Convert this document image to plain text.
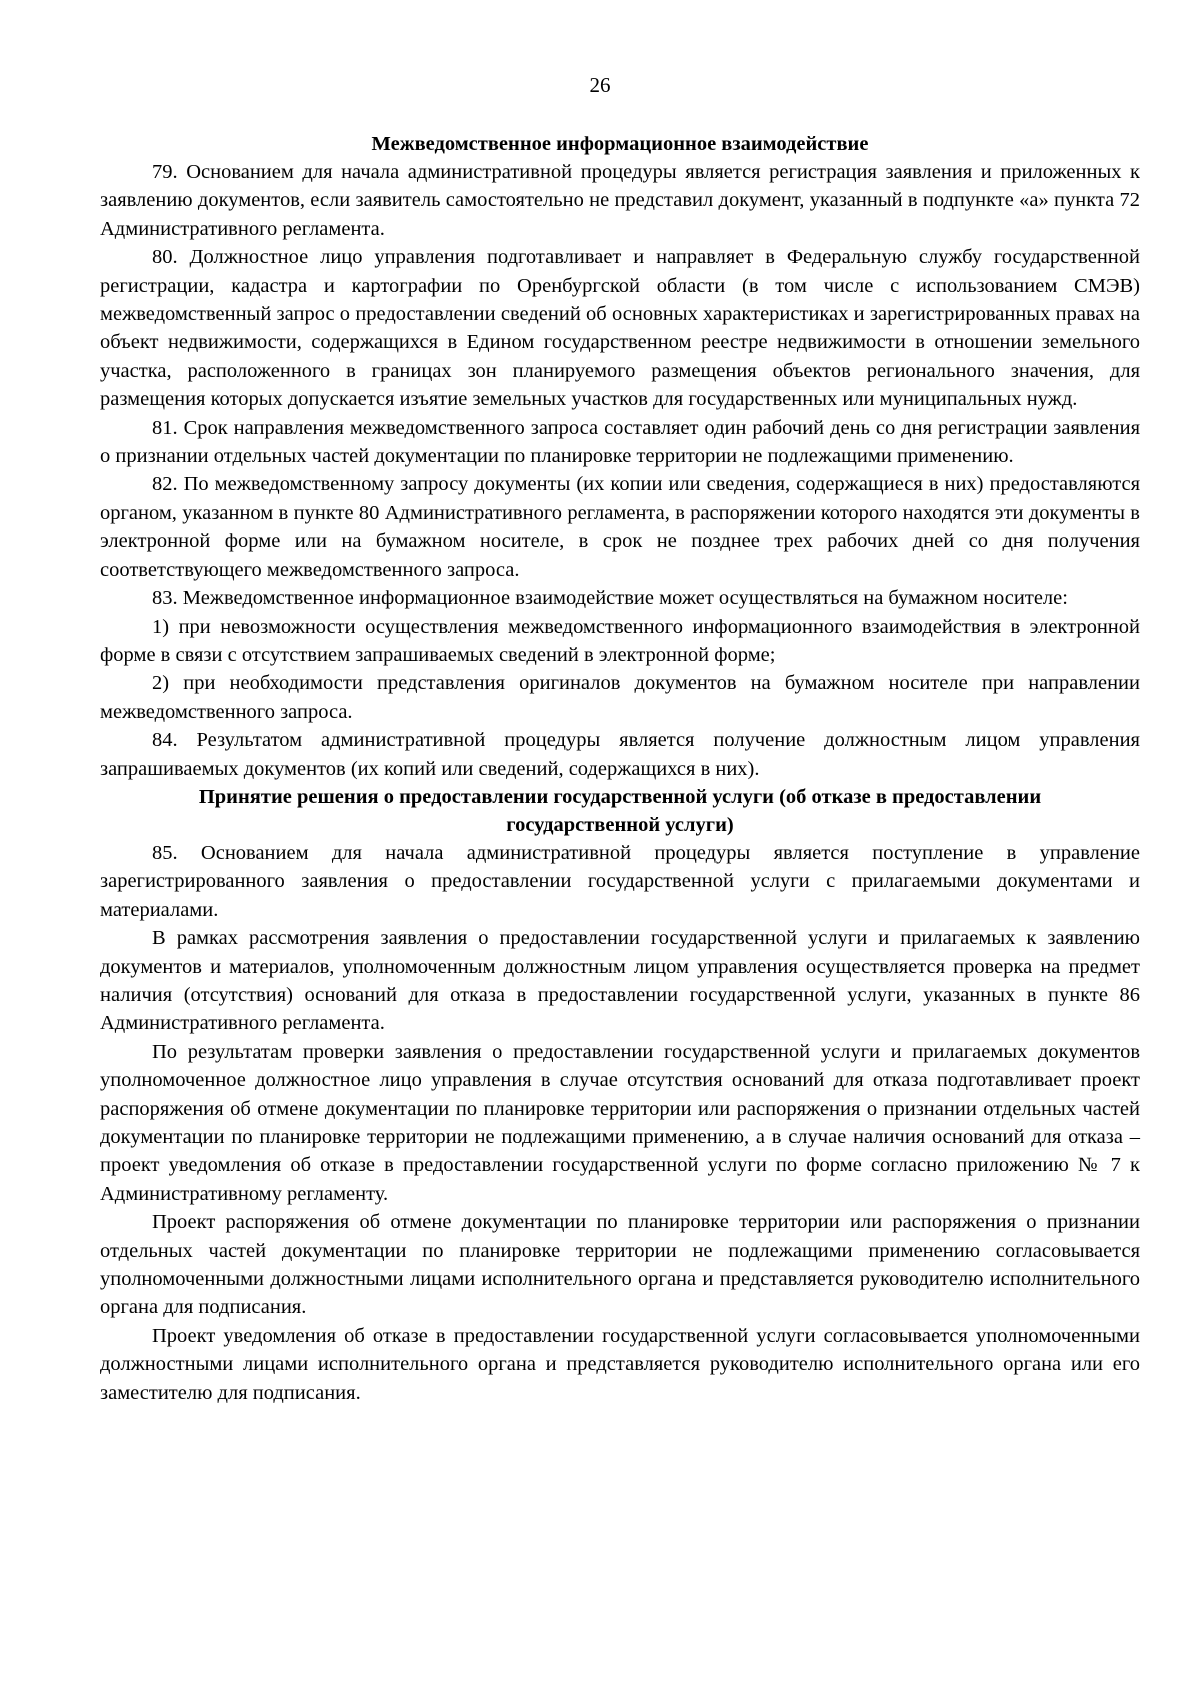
26
Межведомственное информационное взаимодействие

79. Основанием для начала административной процедуры является регистрация заявления и приложенных к заявлению документов, если заявитель самостоятельно не представил документ, указанный в подпункте «а» пункта 72 Административного регламента.

80. Должностное лицо управления подготавливает и направляет в Федеральную службу государственной регистрации, кадастра и картографии по Оренбургской области (в том числе с использованием СМЭВ) межведомственный запрос о предоставлении сведений об основных характеристиках и зарегистрированных правах на объект недвижимости, содержащихся в Едином государственном реестре недвижимости в отношении земельного участка, расположенного в границах зон планируемого размещения объектов регионального значения, для размещения которых допускается изъятие земельных участков для государственных или муниципальных нужд.

81. Срок направления межведомственного запроса составляет один рабочий день со дня регистрации заявления о признании отдельных частей документации по планировке территории не подлежащими применению.

82. По межведомственному запросу документы (их копии или сведения, содержащиеся в них) предоставляются органом, указанном в пункте 80 Административного регламента, в распоряжении которого находятся эти документы в электронной форме или на бумажном носителе, в срок не позднее трех рабочих дней со дня получения соответствующего межведомственного запроса.

83. Межведомственное информационное взаимодействие может осуществляться на бумажном носителе:

1) при невозможности осуществления межведомственного информационного взаимодействия в электронной форме в связи с отсутствием запрашиваемых сведений в электронной форме;

2) при необходимости представления оригиналов документов на бумажном носителе при направлении межведомственного запроса.

84. Результатом административной процедуры является получение должностным лицом управления запрашиваемых документов (их копий или сведений, содержащихся в них).

Принятие решения о предоставлении государственной услуги (об отказе в предоставлении государственной услуги)

85. Основанием для начала административной процедуры является поступление в управление зарегистрированного заявления о предоставлении государственной услуги с прилагаемыми документами и материалами.

В рамках рассмотрения заявления о предоставлении государственной услуги и прилагаемых к заявлению документов и материалов, уполномоченным должностным лицом управления осуществляется проверка на предмет наличия (отсутствия) оснований для отказа в предоставлении государственной услуги, указанных в пункте 86 Административного регламента.

По результатам проверки заявления о предоставлении государственной услуги и прилагаемых документов уполномоченное должностное лицо управления в случае отсутствия оснований для отказа подготавливает проект распоряжения об отмене документации по планировке территории или распоряжения о признании отдельных частей документации по планировке территории не подлежащими применению, а в случае наличия оснований для отказа – проект уведомления об отказе в предоставлении государственной услуги по форме согласно приложению № 7 к Административному регламенту.

Проект распоряжения об отмене документации по планировке территории или распоряжения о признании отдельных частей документации по планировке территории не подлежащими применению согласовывается уполномоченными должностными лицами исполнительного органа и представляется руководителю исполнительного органа для подписания.

Проект уведомления об отказе в предоставлении государственной услуги согласовывается уполномоченными должностными лицами исполнительного органа и представляется руководителю исполнительного органа или его заместителю для подписания.
